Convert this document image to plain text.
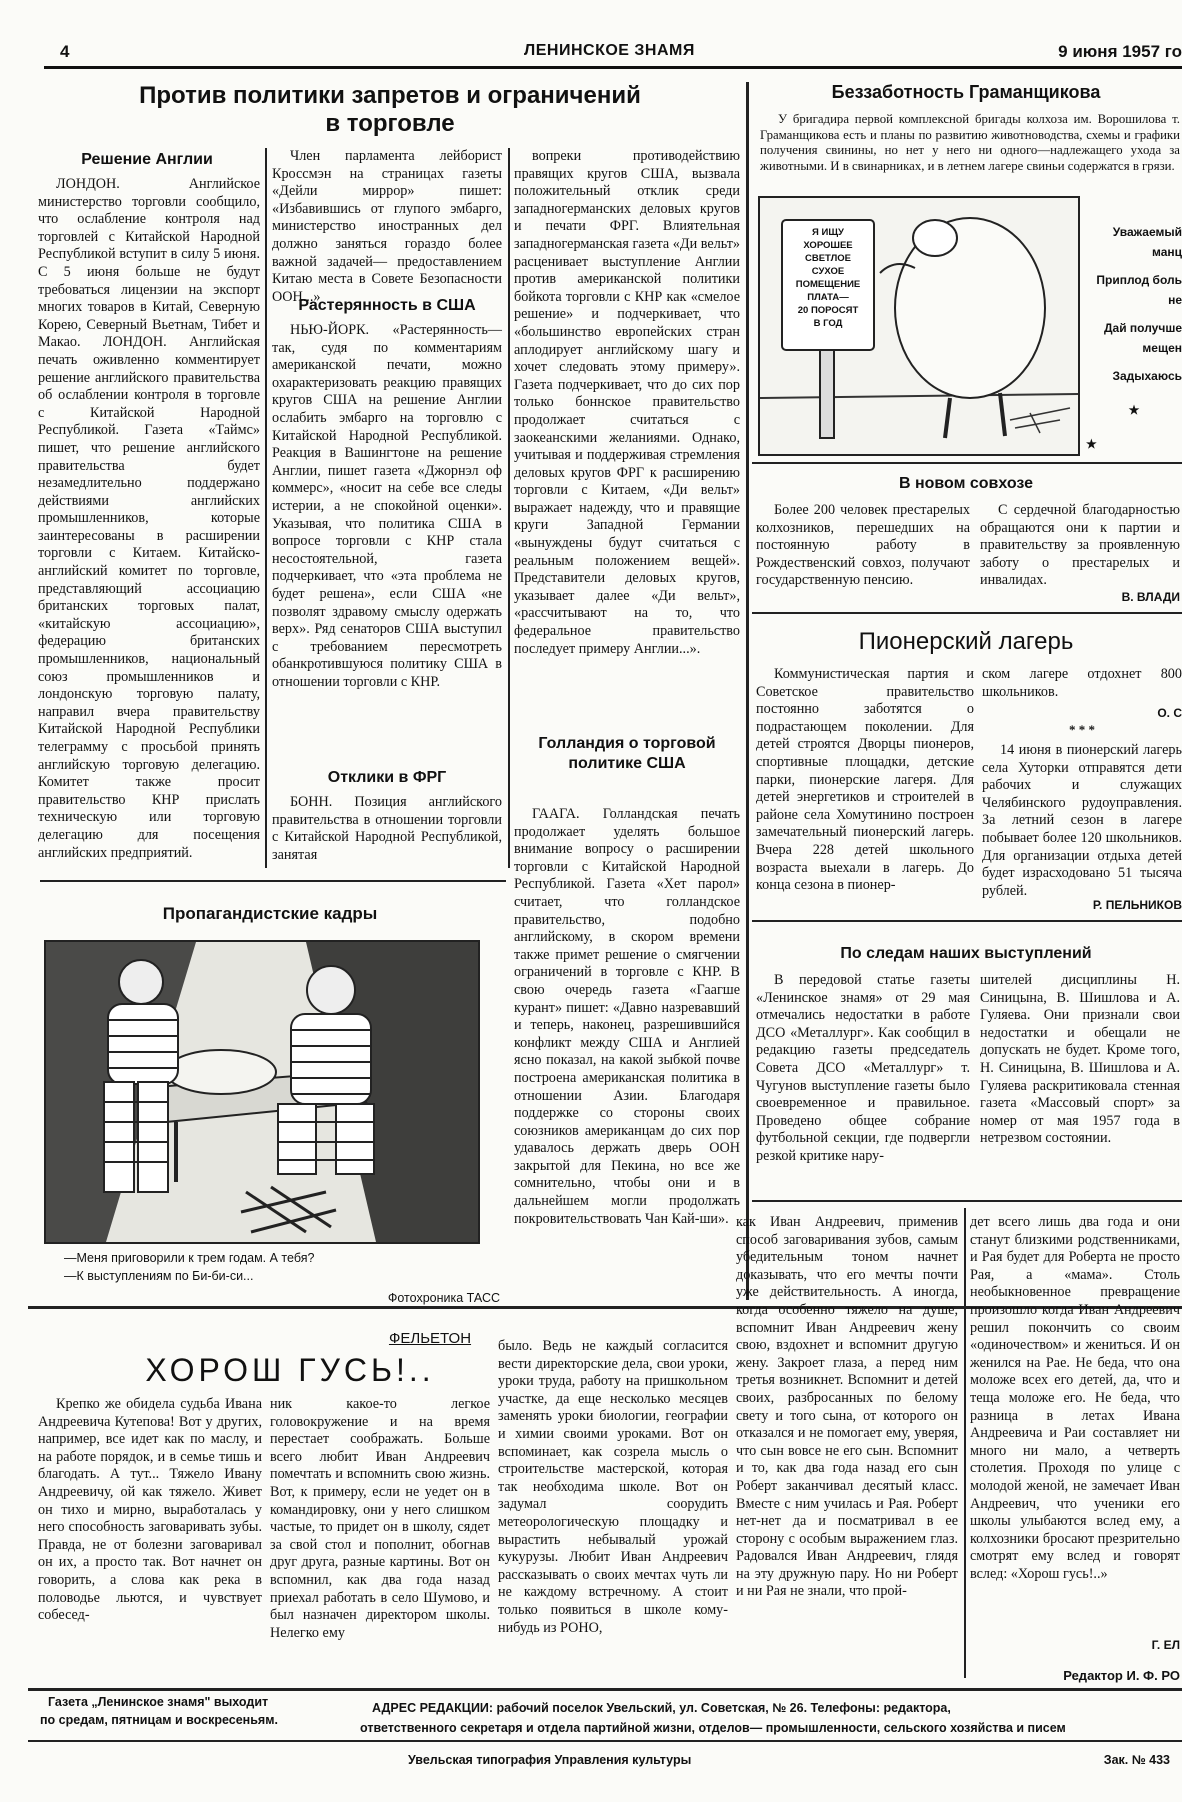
4	ЛЕНИНСКОЕ ЗНАМЯ	9 июня 1957 го
Против политики запретов и ограничений в торговле
Решение Англии

ЛОНДОН. Английское министерство торговли сообщило, что ослабление контроля над торговлей с Китайской Народной Республикой вступит в силу 5 июня. С 5 июня больше не будут требоваться лицензии на экспорт многих товаров в Китай, Северную Корею, Северный Вьетнам, Тибет и Макао. ЛОНДОН. Английская печать оживленно комментирует решение английского правительства об ослаблении контроля в торговле с Китайской Народной Республикой. Газета «Таймс» пишет, что решение английского правительства будет незамедлительно поддержано действиями английских промышленников, которые заинтересованы в расширении торговли с Китаем. Китайско-английский комитет по торговле, представляющий ассоциацию британских торговых палат, «китайскую ассоциацию», федерацию британских промышленников, национальный союз промышленников и лондонскую торговую палату, направил вчера правительству Китайской Народной Республики телеграмму с просьбой принять английскую торговую делегацию. Комитет также просит правительство КНР прислать техническую или торговую делегацию для посещения английских предприятий.

Член парламента лейборист Кроссмэн на страницах газеты «Дейли миррор» пишет: «Избавившись от глупого эмбарго, министерство иностранных дел должно заняться гораздо более важной задачей— предоставлением Китаю места в Совете Безопасности ООН...»

Растерянность в США

НЬЮ-ЙОРК. «Растерянность—так, судя по комментариям американской печати, можно охарактеризовать реакцию правящих кругов США на решение Англии ослабить эмбарго на торговлю с Китайской Народной Республикой. Реакция в Вашингтоне на решение Англии, пишет газета «Джорнэл оф коммерс», «носит на себе все следы истерии, а не спокойной оценки». Указывая, что политика США в вопросе торговли с КНР стала несостоятельной, газета подчеркивает, что «эта проблема не будет решена», если США «не позволят здравому смыслу одержать верх». Ряд сенаторов США выступил с требованием пересмотреть обанкротившуюся политику США в отношении торговли с КНР.

Отклики в ФРГ

БОНН. Позиция английского правительства в отношении торговли с Китайской Народной Республикой, занятая

вопреки противодействию правящих кругов США, вызвала положительный отклик среди западногерманских деловых кругов и печати ФРГ. Влиятельная западногерманская газета «Ди вельт» расценивает выступление Англии против американской политики бойкота торговли с КНР как «смелое решение» и подчеркивает, что «большинство европейских стран аплодирует английскому шагу и хочет следовать этому примеру». Газета подчеркивает, что до сих пор только боннское правительство продолжает считаться с заокеанскими желаниями. Однако, учитывая и поддерживая стремления деловых кругов ФРГ к расширению торговли с Китаем, «Ди вельт» выражает надежду, что и правящие круги Западной Германии «вынуждены будут считаться с реальным положением вещей». Представители деловых кругов, указывает далее «Ди вельт», «рассчитывают на то, что федеральное правительство последует примеру Англии...».

Голландия о торговой политике США

ГААГА. Голландская печать продолжает уделять большое внимание вопросу о расширении торговли с Китайской Народной Республикой. Газета «Хет парол» считает, что голландское правительство, подобно английскому, в скором времени также примет решение о смягчении ограничений в торговле с КНР. В свою очередь газета «Гаагше курант» пишет: «Давно назревавший и теперь, наконец, разрешившийся конфликт между США и Англией ясно показал, на какой зыбкой почве построена американская политика в отношении Азии. Благодаря поддержке со стороны своих союзников американцам до сих пор удавалось держать дверь ООН закрытой для Пекина, но все же сомнительно, чтобы они и в дальнейшем могли продолжать покровительствовать Чан Кай-ши».

Пропагандистские кадры
—Меня приговорили к трем годам. А тебя?
—К выступлениям по Би-би-си...
Фотохроника ТАСС
Беззаботность Граманщикова

У бригадира первой комплексной бригады колхоза им. Ворошилова т. Граманщикова есть и планы по развитию животноводства, схемы и графики получения свинины, но нет у него ни одного—надлежащего ухода за животными. И в свинарниках, и в летнем лагере свиньи содержатся в грязи.

Я ИЩУ
ХОРОШЕЕ
СВЕТЛОЕ
СУХОЕ
ПОМЕЩЕНИЕ
ПЛАТА—
20 ПОРОСЯТ
В ГОД
Уважаемый
манц
Приплод боль
не
Дай получше
мещен
Задыхаюсь
★
★
В новом совхозе

Более 200 человек престарелых колхозников, перешедших на постоянную работу в Рождественский совхоз, получают государственную пенсию.

С сердечной благодарностью обращаются они к партии и правительству за проявленную заботу о престарелых и инвалидах.

В. ВЛАДИ
Пионерский лагерь

Коммунистическая партия и Советское правительство постоянно заботятся о подрастающем поколении. Для детей строятся Дворцы пионеров, спортивные площадки, детские парки, пионерские лагеря. Для детей энергетиков и строителей в районе села Хомутинино построен замечательный пионерский лагерь. Вчера 228 детей школьного возраста выехали в лагерь. До конца сезона в пионер-

ском лагере отдохнет 800 школьников.

О. С
* * *

14 июня в пионерский лагерь села Хуторки отправятся дети рабочих и служащих Челябинского рудоуправления. За летний сезон в лагере побывает более 120 школьников. Для организации отдыха детей будет израсходовано 51 тысяча рублей.

Р. ПЕЛЬНИКОВ
По следам наших выступлений

В передовой статье газеты «Ленинское знамя» от 29 мая отмечались недостатки в работе ДСО «Металлург». Как сообщил в редакцию газеты председатель Совета ДСО «Металлург» т. Чугунов выступление газеты было своевременное и правильное. Проведено общее собрание футбольной секции, где подвергли резкой критике нару-

шителей дисциплины Н. Синицына, В. Шишлова и А. Гуляева. Они признали свои недостатки и обещали не допускать не будет. Кроме того, Н. Синицына, В. Шишлова и А. Гуляева раскритиковала стенная газета «Массовый спорт» за номер от мая 1957 года в нетрезвом состоянии.

ФЕЛЬЕТОН
ХОРОШ ГУСЬ!..

Крепко же обидела судьба Ивана Андреевича Кутепова! Вот у других, например, все идет как по маслу, и на работе порядок, и в семье тишь и благодать. А тут... Тяжело Ивану Андреевичу, ой как тяжело. Живет он тихо и мирно, выработалась у него способность заговаривать зубы. Правда, не от болезни заговаривал он их, а просто так. Вот начнет он говорить, а слова как река в половодье льются, и чувствует собесед-

ник какое-то легкое головокружение и на время перестает соображать. Больше всего любит Иван Андреевич помечтать и вспомнить свою жизнь. Вот, к примеру, если не уедет он в командировку, они у него слишком частые, то придет он в школу, сядет за свой стол и пополнит, обогнав друг друга, разные картины. Вот он вспомнил, как два года назад приехал работать в село Шумово, и был назначен директором школы. Нелегко ему

было. Ведь не каждый согласится вести директорские дела, свои уроки, уроки труда, работу на пришкольном участке, да еще несколько месяцев заменять уроки биологии, географии и химии своими уроками. Вот он вспоминает, как созрела мысль о строительстве мастерской, которая так необходима школе. Вот он задумал соорудить метеорологическую площадку и вырастить небывалый урожай кукурузы. Любит Иван Андреевич рассказывать о своих мечтах чуть ли не каждому встречному. А стоит только появиться в школе кому-нибудь из РОНО,

как Иван Андреевич, применив способ заговаривания зубов, самым убедительным тоном начнет доказывать, что его мечты почти уже действительность. А иногда, когда особенно тяжело на душе, вспомнит Иван Андреевич жену свою, вздохнет и вспомнит другую жену. Закроет глаза, а перед ним третья возникнет. Вспомнит и детей своих, разбросанных по белому свету и того сына, от которого он отказался и не помогает ему, уверяя, что сын вовсе не его сын. Вспомнит и то, как два года назад его сын Роберт заканчивал десятый класс. Вместе с ним училась и Рая. Роберт нет-нет да и посматривал в ее сторону с особым выражением глаз. Радовался Иван Андреевич, глядя на эту дружную пару. Но ни Роберт и ни Рая не знали, что прой-

дет всего лишь два года и они станут близкими родственниками, и Рая будет для Роберта не просто Рая, а «мама». Столь необыкновенное превращение произошло когда Иван Андреевич решил покончить со своим «одиночеством» и жениться. И он женился на Рае. Не беда, что она моложе всех его детей, да, что и теща моложе его. Не беда, что разница в летах Ивана Андреевича и Раи составляет ни много ни мало, а четверть столетия. Проходя по улице с молодой женой, не замечает Иван Андреевич, что ученики его школы улыбаются вслед ему, а колхозники бросают презрительно смотрят ему вслед и говорят вслед: «Хорош гусь!..»

Г. ЕЛ
Редактор И. Ф. РО
Газета „Ленинское знамя" выходит
по средам, пятницам и воскресеньям.
АДРЕС РЕДАКЦИИ: рабочий поселок Увельский, ул. Советская, № 26. Телефоны: редактора,
ответственного секретаря и отдела партийной жизни, отделов— промышленности, сельского хозяйства и писем
Увельская типография Управления культуры	Зак. № 433
